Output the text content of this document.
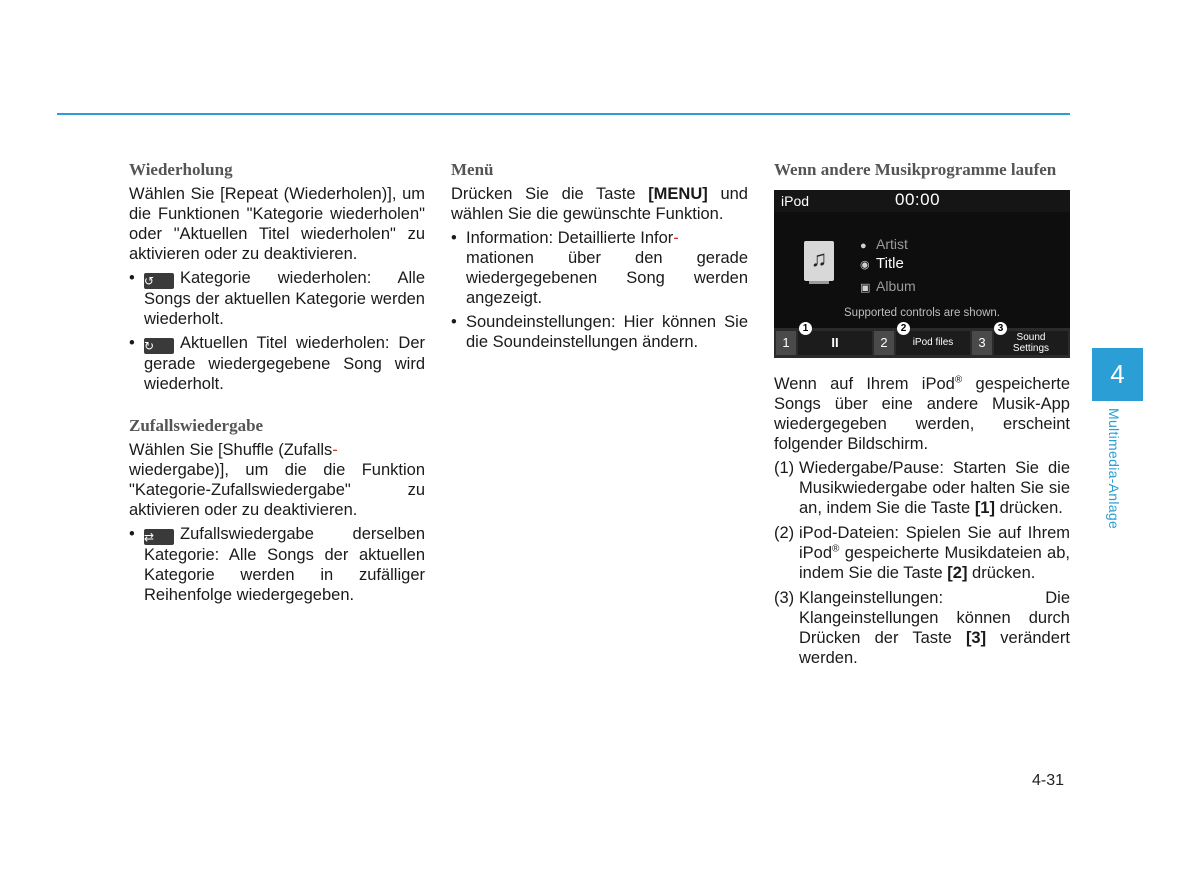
Wiederholung

Wählen Sie [Repeat (Wiederholen)], um die Funktionen "Kategorie wiederholen" oder "Aktuellen Titel wiederholen" zu aktivieren oder zu deaktivieren.

• ↺ Kategorie wiederholen: Alle Songs der aktuellen Kategorie werden wiederholt.
• ↻ Aktuellen Titel wiederholen: Der gerade wiedergegebene Song wird wiederholt.
Zufallswiedergabe

Wählen Sie [Shuffle (Zufalls-
wiedergabe)], um die die Funktion "Kategorie-Zufallswiedergabe" zu aktivieren oder zu deaktivieren.

• ⇄ Zufallswiedergabe derselben Kategorie: Alle Songs der aktuellen Kategorie werden in zufälliger Reihenfolge wiedergegeben.
Menü

Drücken Sie die Taste [MENU] und wählen Sie die gewünschte Funktion.

• Information: Detaillierte Infor-
mationen über den gerade wiedergegebenen Song werden angezeigt.
• Soundeinstellungen: Hier können Sie die Soundeinstellungen ändern.
Wenn andere Musikprogramme laufen
iPod	00:00
♫	● Artist
◉ Title
▣ Album
Supported controls are shown.
1	II	2	iPod files	3	Sound
Settings
1	2	3

Wenn auf Ihrem iPod® gespeicherte Songs über eine andere Musik-App wiedergegeben werden, erscheint folgender Bildschirm.

(1) Wiedergabe/Pause: Starten Sie die Musikwiedergabe oder halten Sie sie an, indem Sie die Taste [1] drücken.
(2) iPod-Dateien: Spielen Sie auf Ihrem iPod® gespeicherte Musikdateien ab, indem Sie die Taste [2] drücken.
(3) Klangeinstellungen: Die Klangeinstellungen können durch Drücken der Taste [3] verändert werden.
4
Multimedia-Anlage
4-31
